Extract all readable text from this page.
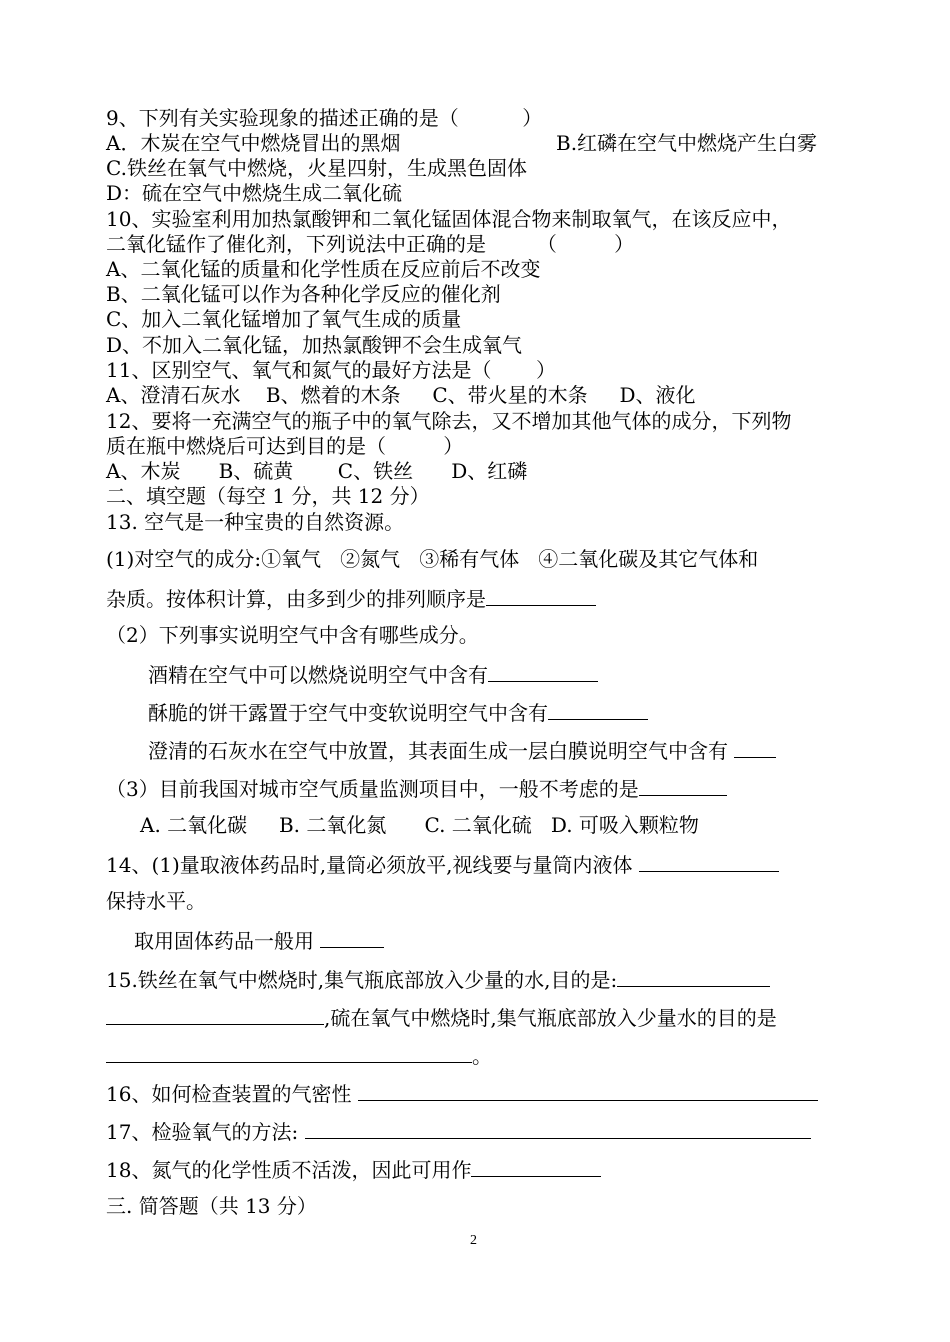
9、下列有关实验现象的描述正确的是（          ）
A．木炭在空气中燃烧冒出的黑烟	B.红磷在空气中燃烧产生白雾
C.铁丝在氧气中燃烧，火星四射，生成黑色固体
D：硫在空气中燃烧生成二氧化硫
10、实验室利用加热氯酸钾和二氧化锰固体混合物来制取氧气，在该反应中，
二氧化锰作了催化剂，下列说法中正确的是        （         ）
A、二氧化锰的质量和化学性质在反应前后不改变
B、二氧化锰可以作为各种化学反应的催化剂
C、加入二氧化锰增加了氧气生成的质量
D、不加入二氧化锰，加热氯酸钾不会生成氧气
11、区别空气、氧气和氮气的最好方法是（       ）
A、澄清石灰水    B、燃着的木条     C、带火星的木条     D、液化
12、要将一充满空气的瓶子中的氧气除去，又不增加其他气体的成分，下列物
质在瓶中燃烧后可达到目的是（         ）
A、木炭      B、硫黄       C、铁丝      D、红磷
二、填空题（每空 1 分，共 12 分）
13. 空气是一种宝贵的自然资源。
(1)对空气的成分:①氧气   ②氮气   ③稀有气体   ④二氧化碳及其它气体和
杂质。按体积计算，由多到少的排列顺序是
（2）下列事实说明空气中含有哪些成分。
酒精在空气中可以燃烧说明空气中含有
酥脆的饼干露置于空气中变软说明空气中含有
澄清的石灰水在空气中放置，其表面生成一层白膜说明空气中含有
（3）目前我国对城市空气质量监测项目中，一般不考虑的是
A. 二氧化碳     B. 二氧化氮      C. 二氧化硫   D. 可吸入颗粒物
14、(1)量取液体药品时,量筒必须放平,视线要与量筒内液体
保持水平。
取用固体药品一般用
15.铁丝在氧气中燃烧时,集气瓶底部放入少量的水,目的是:
,硫在氧气中燃烧时,集气瓶底部放入少量水的目的是
。
16、如何检查装置的气密性
17、检验氧气的方法:
18、氮气的化学性质不活泼，因此可用作
三. 简答题（共 13 分）
2
